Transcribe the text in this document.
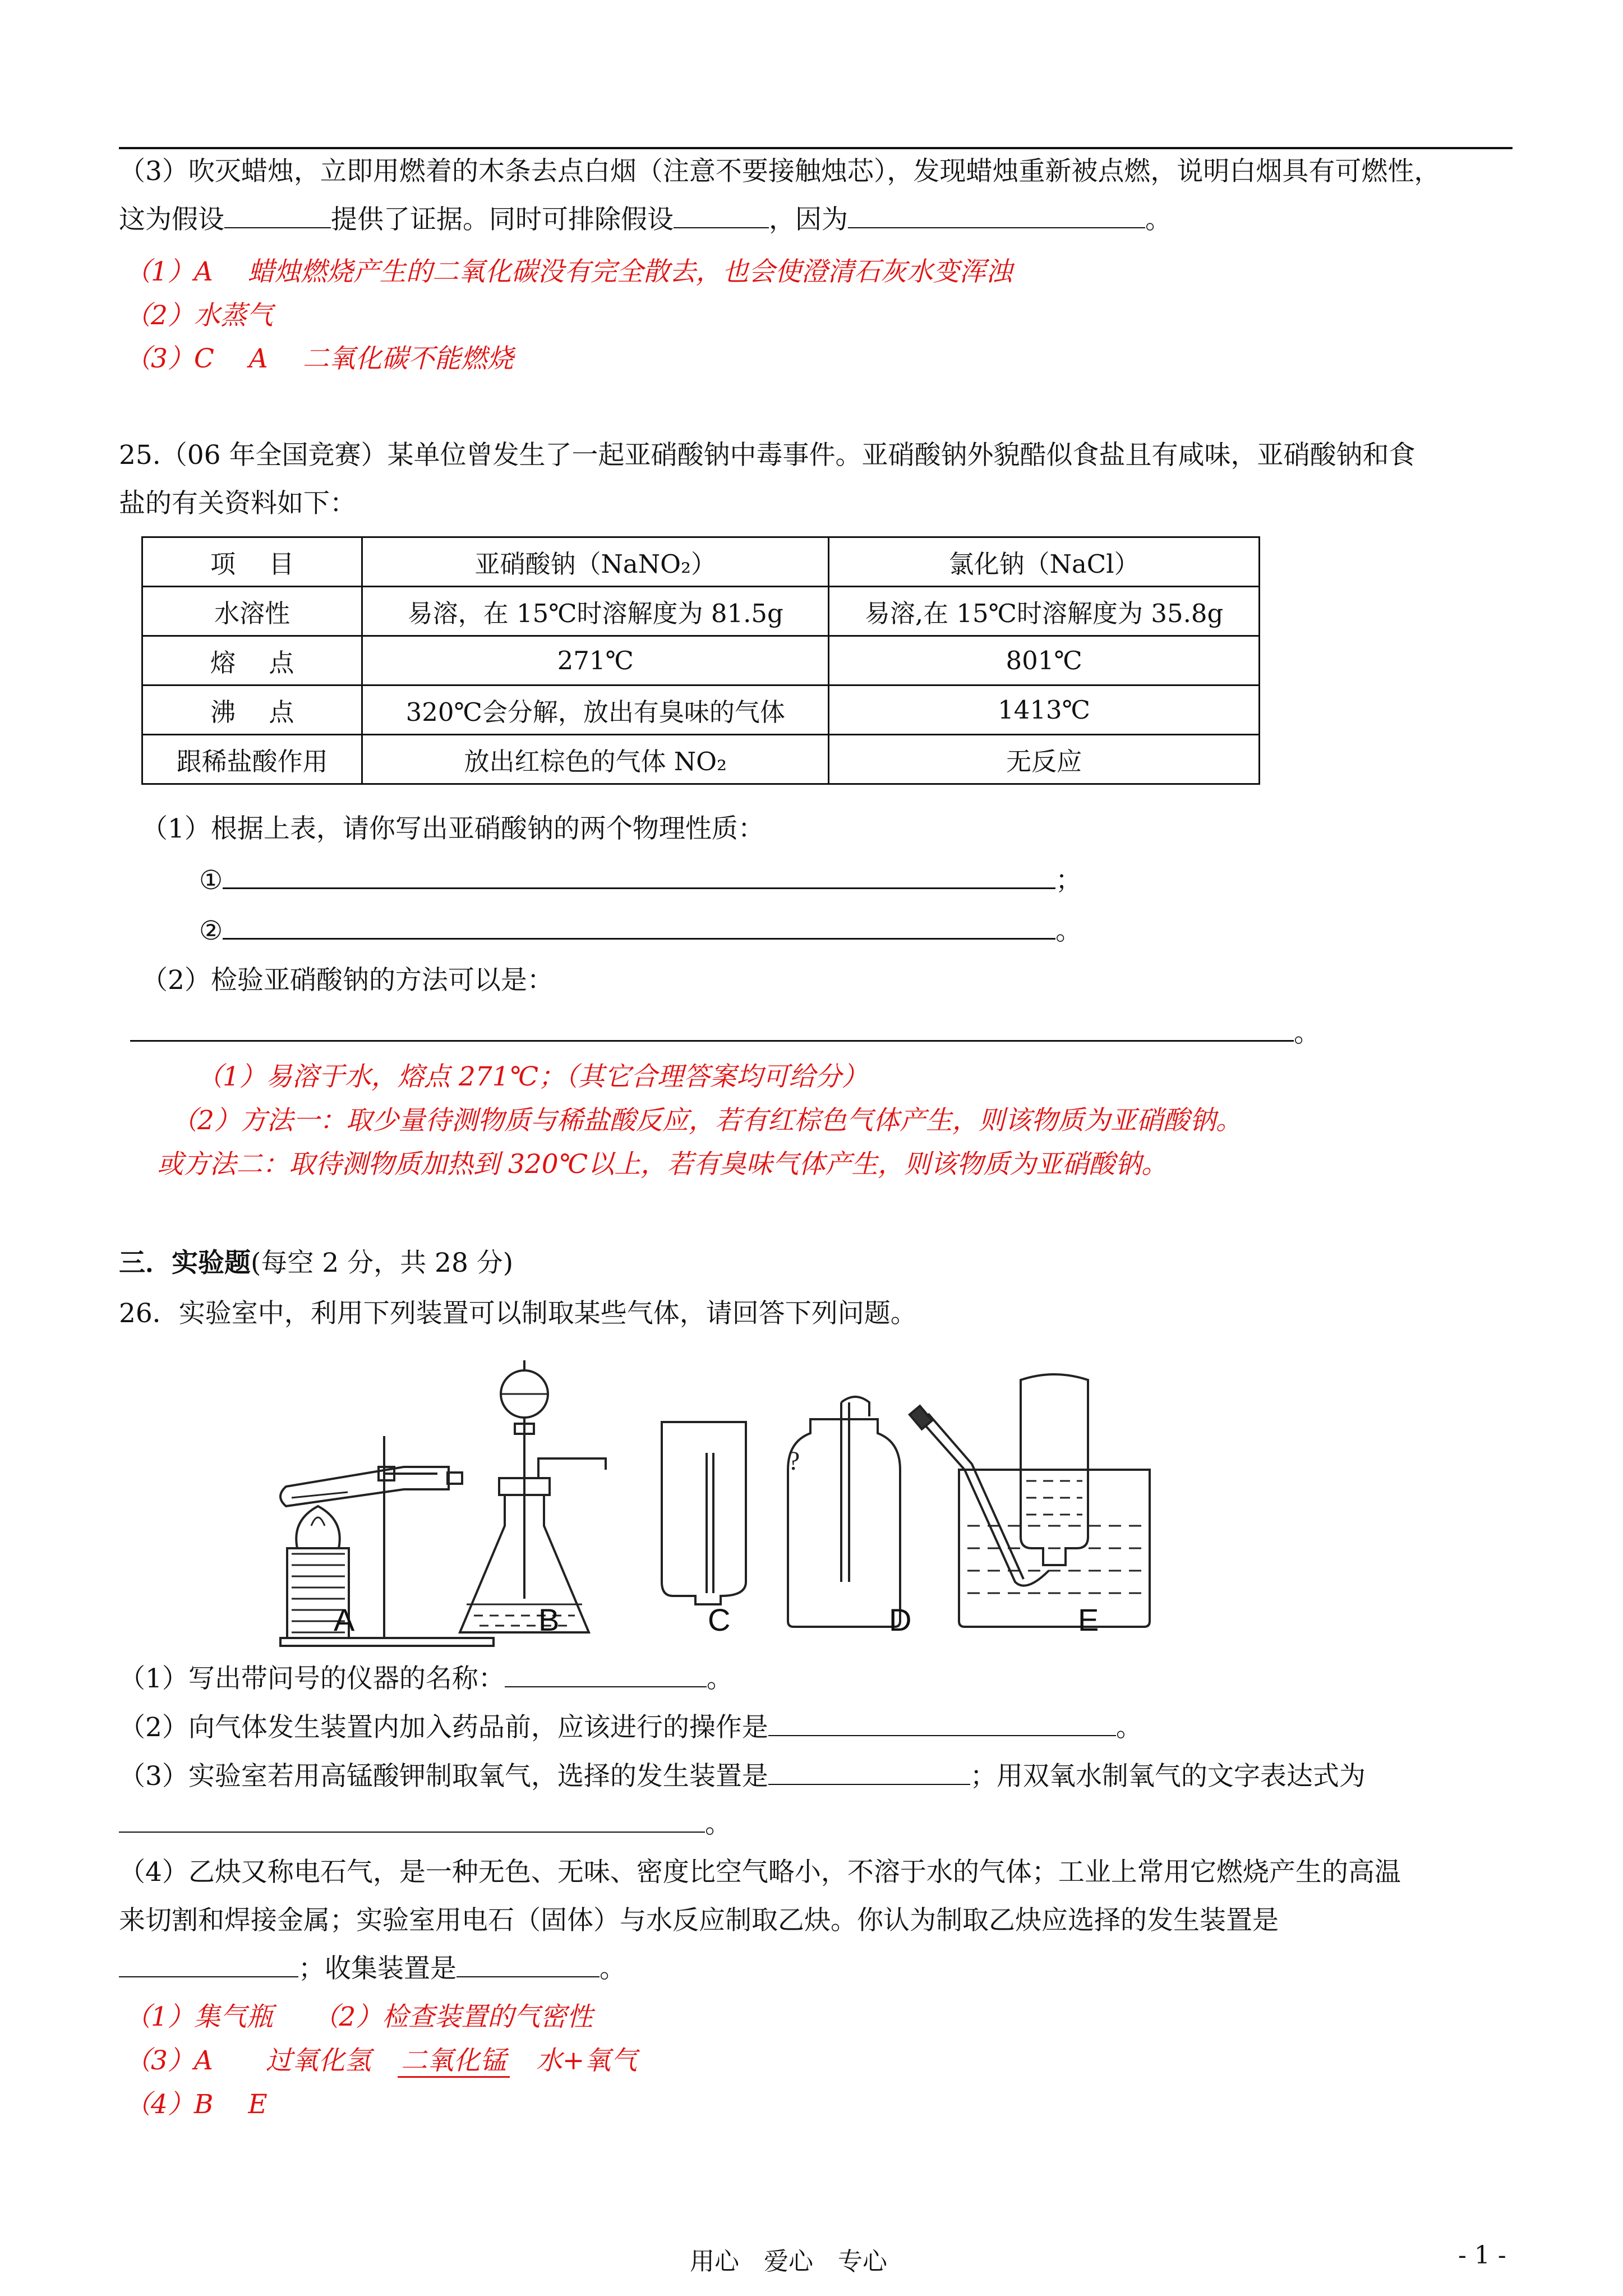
（3）吹灭蜡烛，立即用燃着的木条去点白烟（注意不要接触烛芯），发现蜡烛重新被点燃，说明白烟具有可燃性，
这为假设	提供了证据。同时可排除假设	，因为	。
（1）A　 蜡烛燃烧产生的二氧化碳没有完全散去，也会使澄清石灰水变浑浊
（2）水蒸气
（3）C　 A　 二氧化碳不能燃烧
25.（06 年全国竞赛）某单位曾发生了一起亚硝酸钠中毒事件。亚硝酸钠外貌酷似食盐且有咸味，亚硝酸钠和食
盐的有关资料如下：
项　 目	亚硝酸钠（NaNO₂）	氯化钠（NaCl）
水溶性	易溶，在 15℃时溶解度为 81.5g	易溶,在 15℃时溶解度为 35.8g
熔　 点	271℃	801℃
沸　 点	320℃会分解，放出有臭味的气体	1413℃
跟稀盐酸作用	放出红棕色的气体 NO₂	无反应
（1）根据上表，请你写出亚硝酸钠的两个物理性质：
①	；
②	。
（2）检验亚硝酸钠的方法可以是：
。
（1）易溶于水，熔点 271℃；（其它合理答案均可给分）
（2）方法一：取少量待测物质与稀盐酸反应，若有红棕色气体产生，则该物质为亚硝酸钠。
或方法二：取待测物质加热到 320℃以上，若有臭味气体产生，则该物质为亚硝酸钠。
三．实验题(每空 2 分，共 28 分)
26．实验室中，利用下列装置可以制取某些气体，请回答下列问题。
?
A	B	C	D	E
（1）写出带问号的仪器的名称：	。
（2）向气体发生装置内加入药品前，应该进行的操作是	。
（3）实验室若用高锰酸钾制取氧气，选择的发生装置是	；用双氧水制氧气的文字表达式为
。
（4）乙炔又称电石气，是一种无色、无味、密度比空气略小，不溶于水的气体；工业上常用它燃烧产生的高温
来切割和焊接金属；实验室用电石（固体）与水反应制取乙炔。你认为制取乙炔应选择的发生装置是
；收集装置是	。
（1）集气瓶　　（2）检查装置的气密性
（3）A　　过氧化氢　 二氧化锰　 水+氧气
（4）B　 E
用心　爱心　专心	- 1 -
